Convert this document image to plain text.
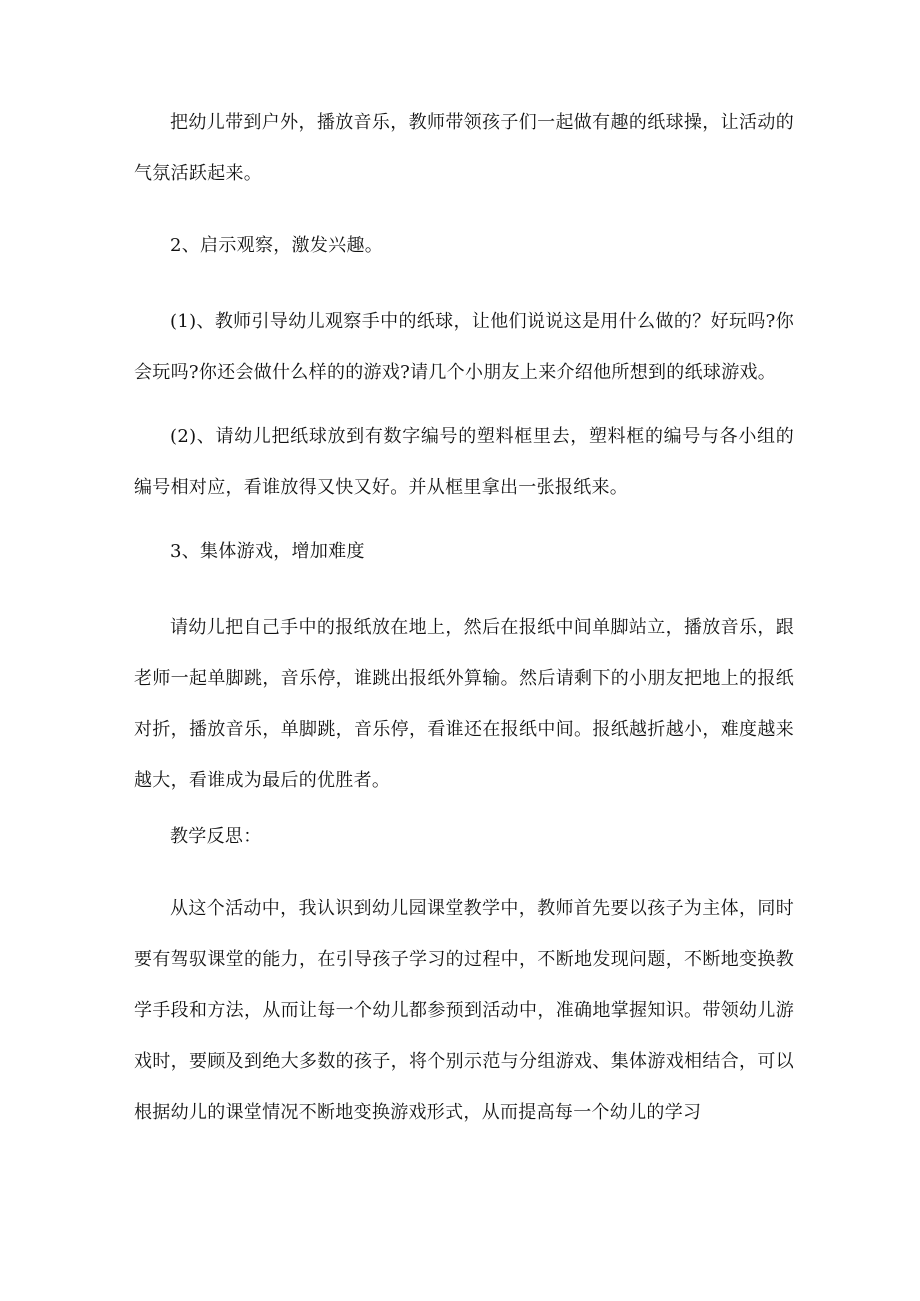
把幼儿带到户外，播放音乐，教师带领孩子们一起做有趣的纸球操，让活动的气氛活跃起来。

2、启示观察，激发兴趣。

(1)、教师引导幼儿观察手中的纸球，让他们说说这是用什么做的？好玩吗?你会玩吗?你还会做什么样的的游戏?请几个小朋友上来介绍他所想到的纸球游戏。

(2)、请幼儿把纸球放到有数字编号的塑料框里去，塑料框的编号与各小组的编号相对应，看谁放得又快又好。并从框里拿出一张报纸来。

3、集体游戏，增加难度

请幼儿把自己手中的报纸放在地上，然后在报纸中间单脚站立，播放音乐，跟老师一起单脚跳，音乐停，谁跳出报纸外算输。然后请剩下的小朋友把地上的报纸对折，播放音乐，单脚跳，音乐停，看谁还在报纸中间。报纸越折越小，难度越来越大，看谁成为最后的优胜者。

教学反思：

从这个活动中，我认识到幼儿园课堂教学中，教师首先要以孩子为主体，同时要有驾驭课堂的能力，在引导孩子学习的过程中，不断地发现问题，不断地变换教学手段和方法，从而让每一个幼儿都参预到活动中，准确地掌握知识。带领幼儿游戏时，要顾及到绝大多数的孩子，将个别示范与分组游戏、集体游戏相结合，可以根据幼儿的课堂情况不断地变换游戏形式，从而提高每一个幼儿的学习
